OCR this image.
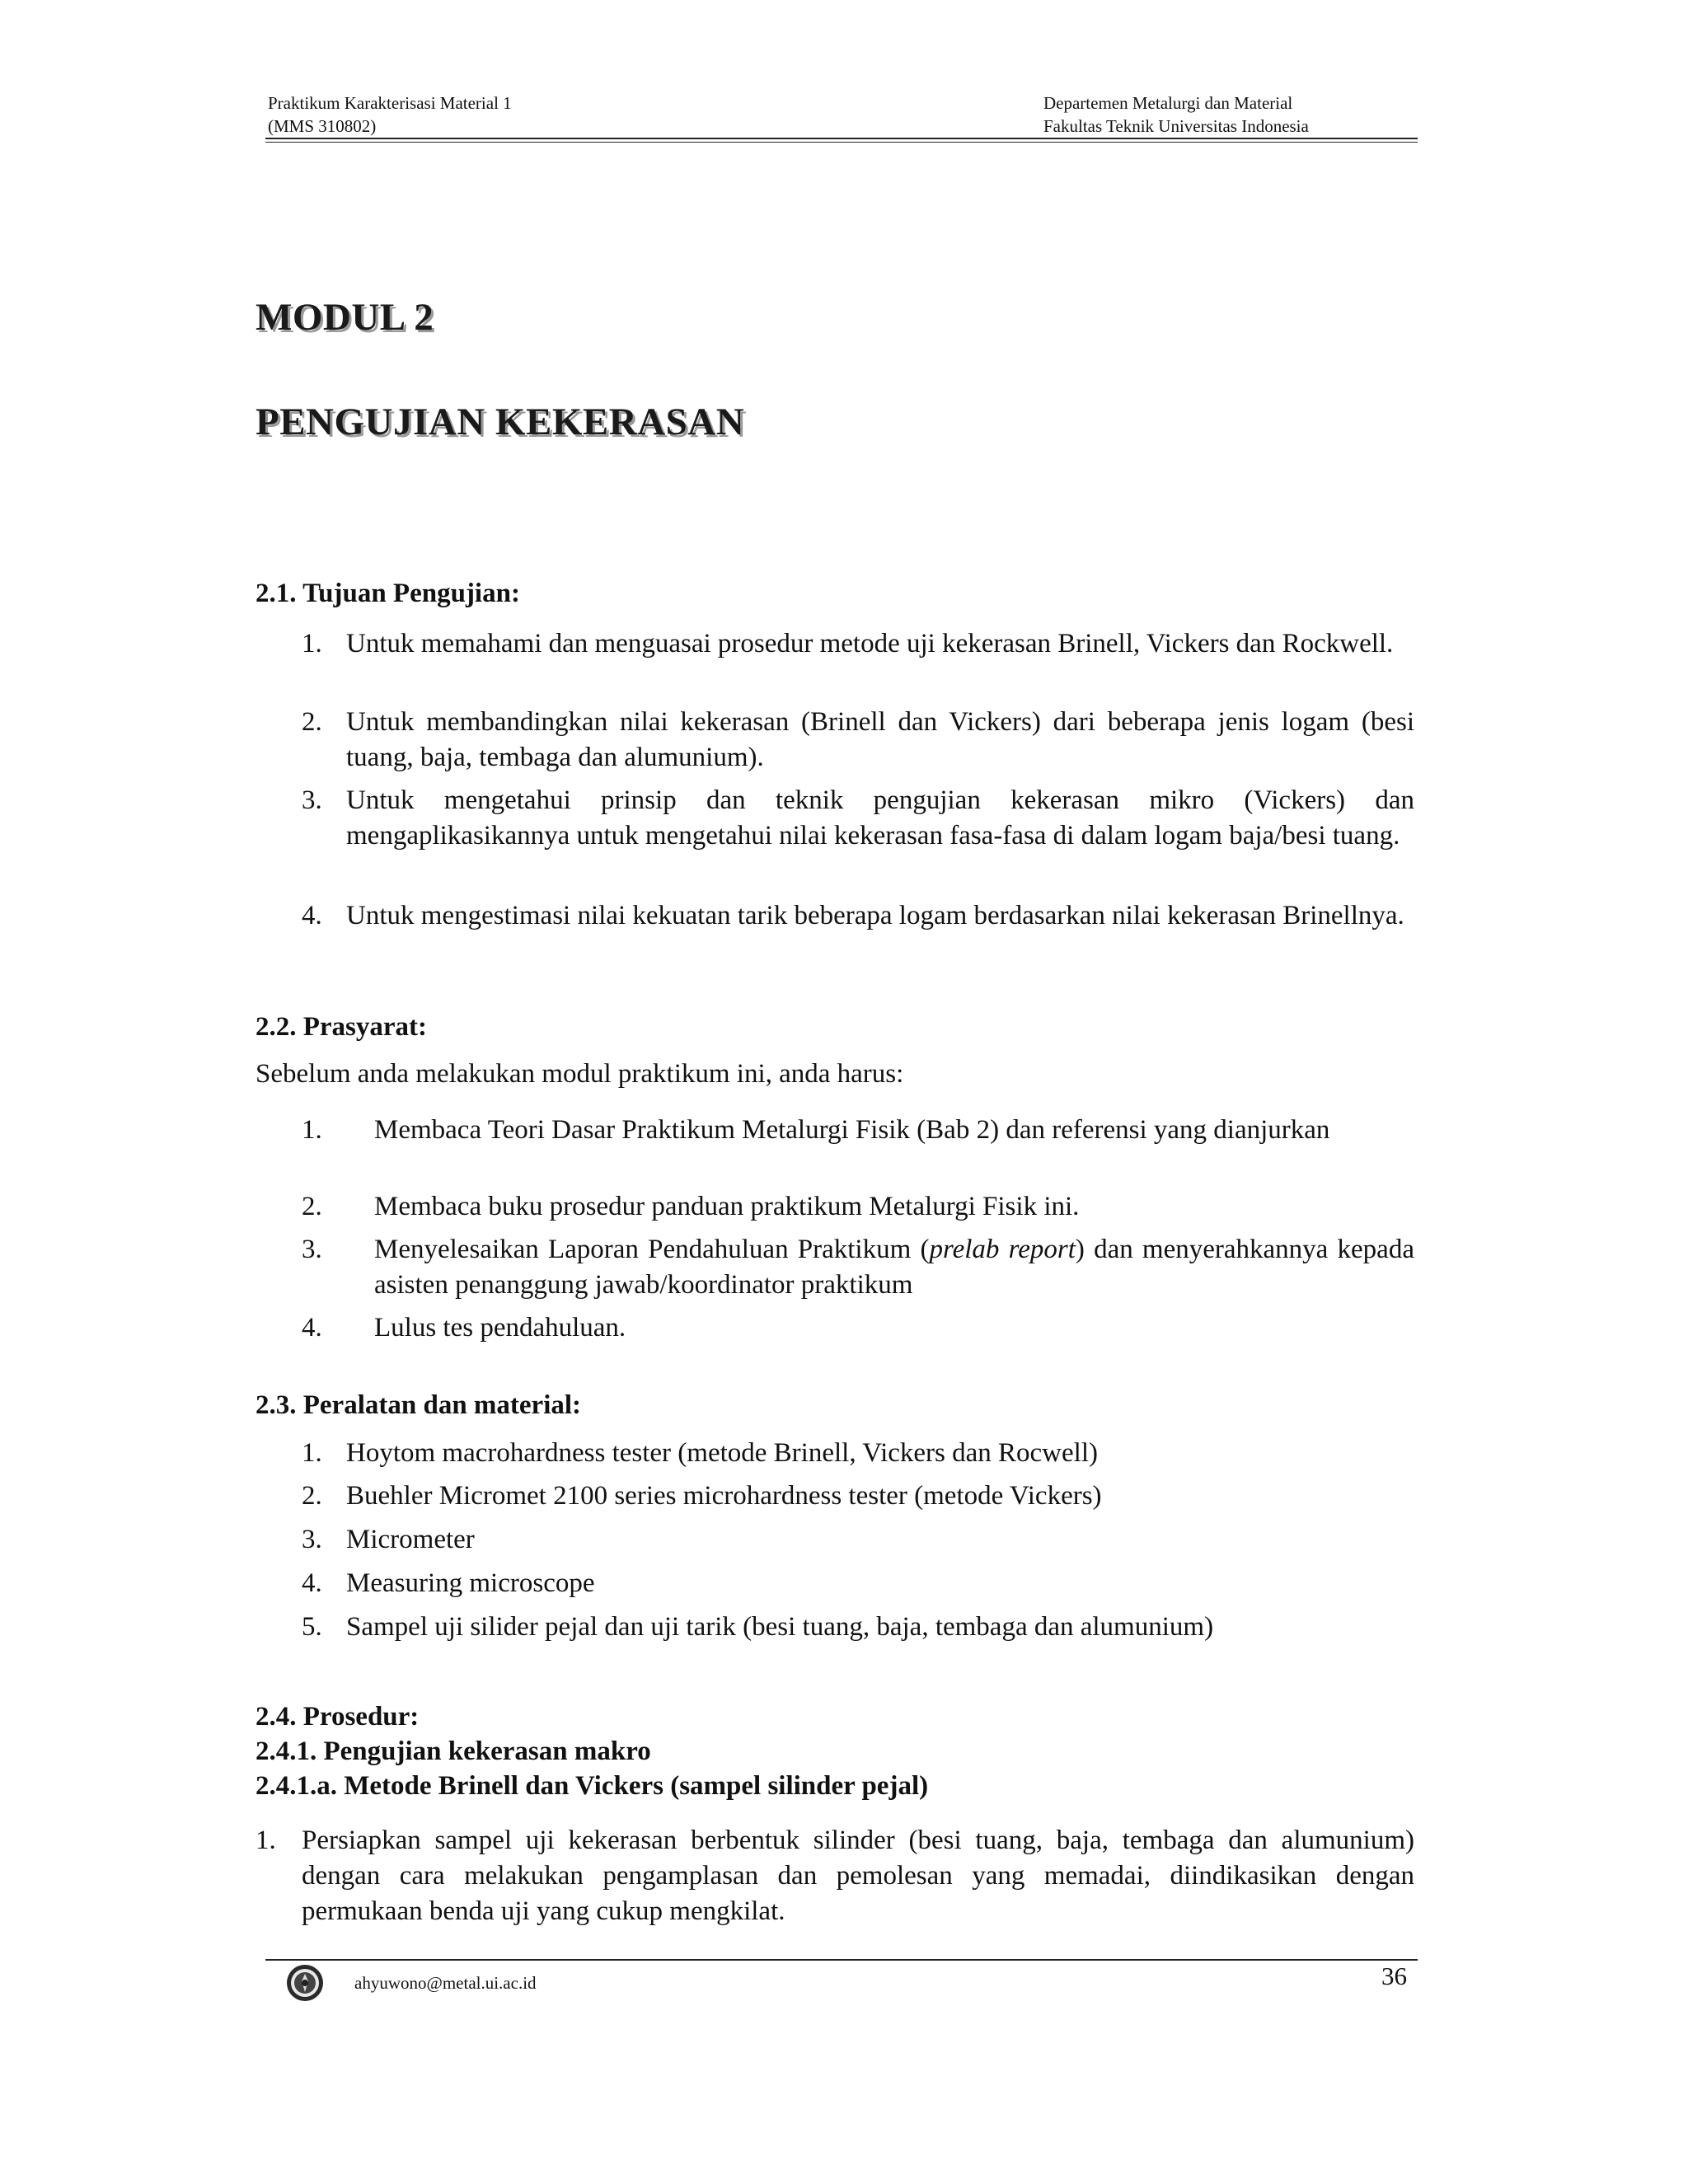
Praktikum Karakterisasi Material 1
(MMS 310802)
Departemen Metalurgi dan Material
Fakultas Teknik Universitas Indonesia
MODUL 2
PENGUJIAN KEKERASAN
2.1. Tujuan Pengujian:
1. Untuk memahami dan menguasai prosedur metode uji kekerasan Brinell, Vickers dan Rockwell.
2. Untuk membandingkan nilai kekerasan (Brinell dan Vickers) dari beberapa jenis logam (besi tuang, baja, tembaga dan alumunium).
3. Untuk mengetahui prinsip dan teknik pengujian kekerasan mikro (Vickers) dan mengaplikasikannya untuk mengetahui nilai kekerasan fasa-fasa di dalam logam baja/besi tuang.
4. Untuk mengestimasi nilai kekuatan tarik beberapa logam berdasarkan nilai kekerasan Brinellnya.
2.2. Prasyarat:
Sebelum anda melakukan modul praktikum ini, anda harus:
1. Membaca Teori Dasar Praktikum Metalurgi Fisik (Bab 2) dan referensi yang dianjurkan
2. Membaca buku prosedur panduan praktikum Metalurgi Fisik ini.
3. Menyelesaikan Laporan Pendahuluan Praktikum (prelab report) dan menyerahkannya kepada asisten penanggung jawab/koordinator praktikum
4. Lulus tes pendahuluan.
2.3. Peralatan dan material:
1. Hoytom macrohardness tester (metode Brinell, Vickers dan Rocwell)
2. Buehler Micromet 2100 series microhardness tester (metode Vickers)
3. Micrometer
4. Measuring microscope
5. Sampel uji silider pejal dan uji tarik (besi tuang, baja, tembaga dan alumunium)
2.4. Prosedur:
2.4.1. Pengujian kekerasan makro
2.4.1.a. Metode Brinell dan Vickers (sampel silinder pejal)
1. Persiapkan sampel uji kekerasan berbentuk silinder (besi tuang, baja, tembaga dan alumunium) dengan cara melakukan pengamplasan dan pemolesan yang memadai, diindikasikan dengan permukaan benda uji yang cukup mengkilat.
ahyuwono@metal.ui.ac.id	36
